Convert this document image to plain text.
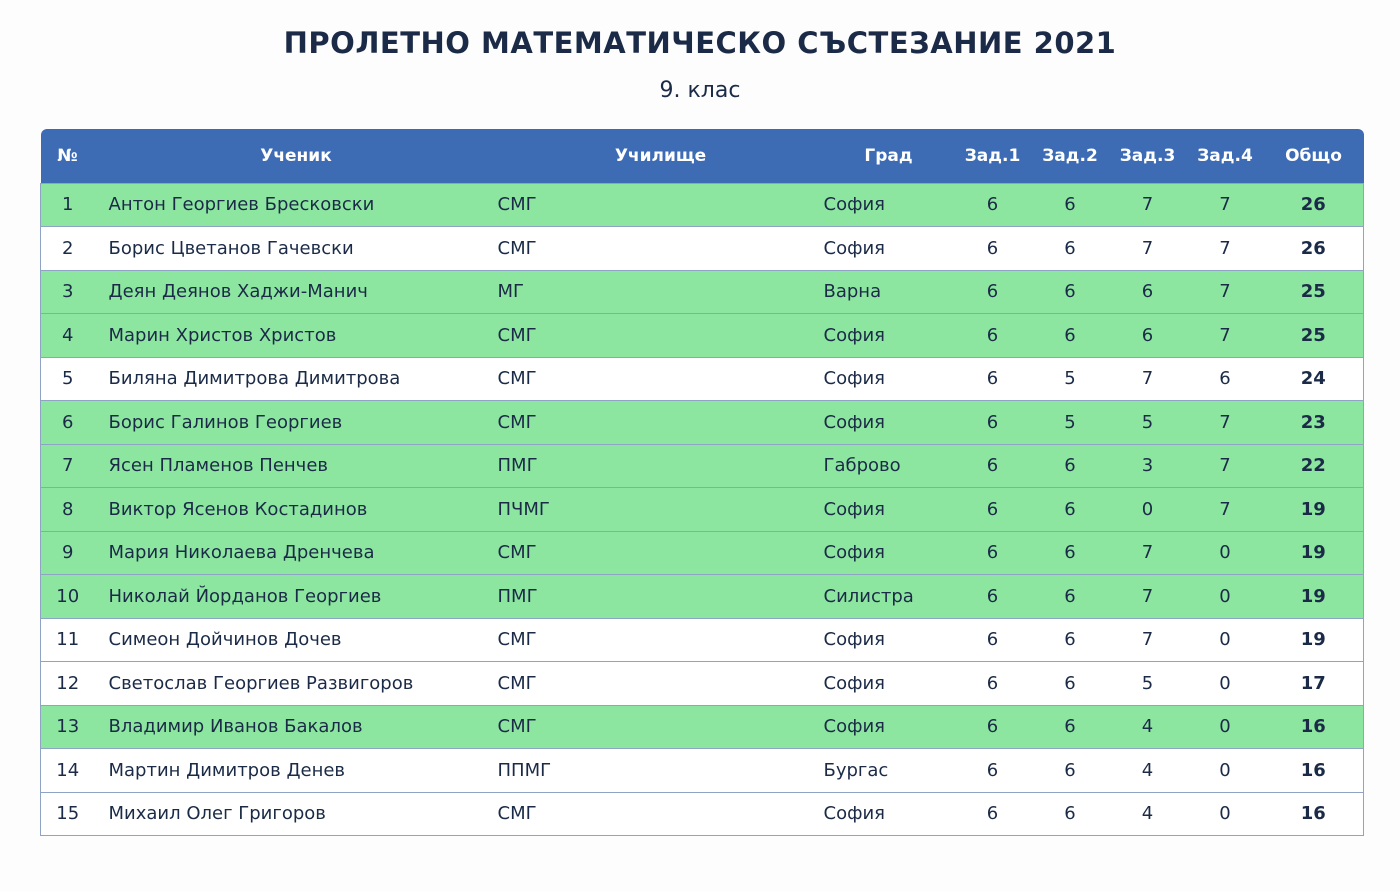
ПРОЛЕТНО МАТЕМАТИЧЕСКО СЪСТЕЗАНИЕ 2021
9. клас
№	Ученик	Училище	Град	Зад.1	Зад.2	Зад.3	Зад.4	Общо
1	Антон Георгиев Бресковски	СМГ	София	6	6	7	7	26
2	Борис Цветанов Гачевски	СМГ	София	6	6	7	7	26
3	Деян Деянов Хаджи-Манич	МГ	Варна	6	6	6	7	25
4	Марин Христов Христов	СМГ	София	6	6	6	7	25
5	Биляна Димитрова Димитрова	СМГ	София	6	5	7	6	24
6	Борис Галинов Георгиев	СМГ	София	6	5	5	7	23
7	Ясен Пламенов Пенчев	ПМГ	Габрово	6	6	3	7	22
8	Виктор Ясенов Костадинов	ПЧМГ	София	6	6	0	7	19
9	Мария Николаева Дренчева	СМГ	София	6	6	7	0	19
10	Николай Йорданов Георгиев	ПМГ	Силистра	6	6	7	0	19
11	Симеон Дойчинов Дочев	СМГ	София	6	6	7	0	19
12	Светослав Георгиев Развигоров	СМГ	София	6	6	5	0	17
13	Владимир Иванов Бакалов	СМГ	София	6	6	4	0	16
14	Мартин Димитров Денев	ППМГ	Бургас	6	6	4	0	16
15	Михаил Олег Григоров	СМГ	София	6	6	4	0	16
